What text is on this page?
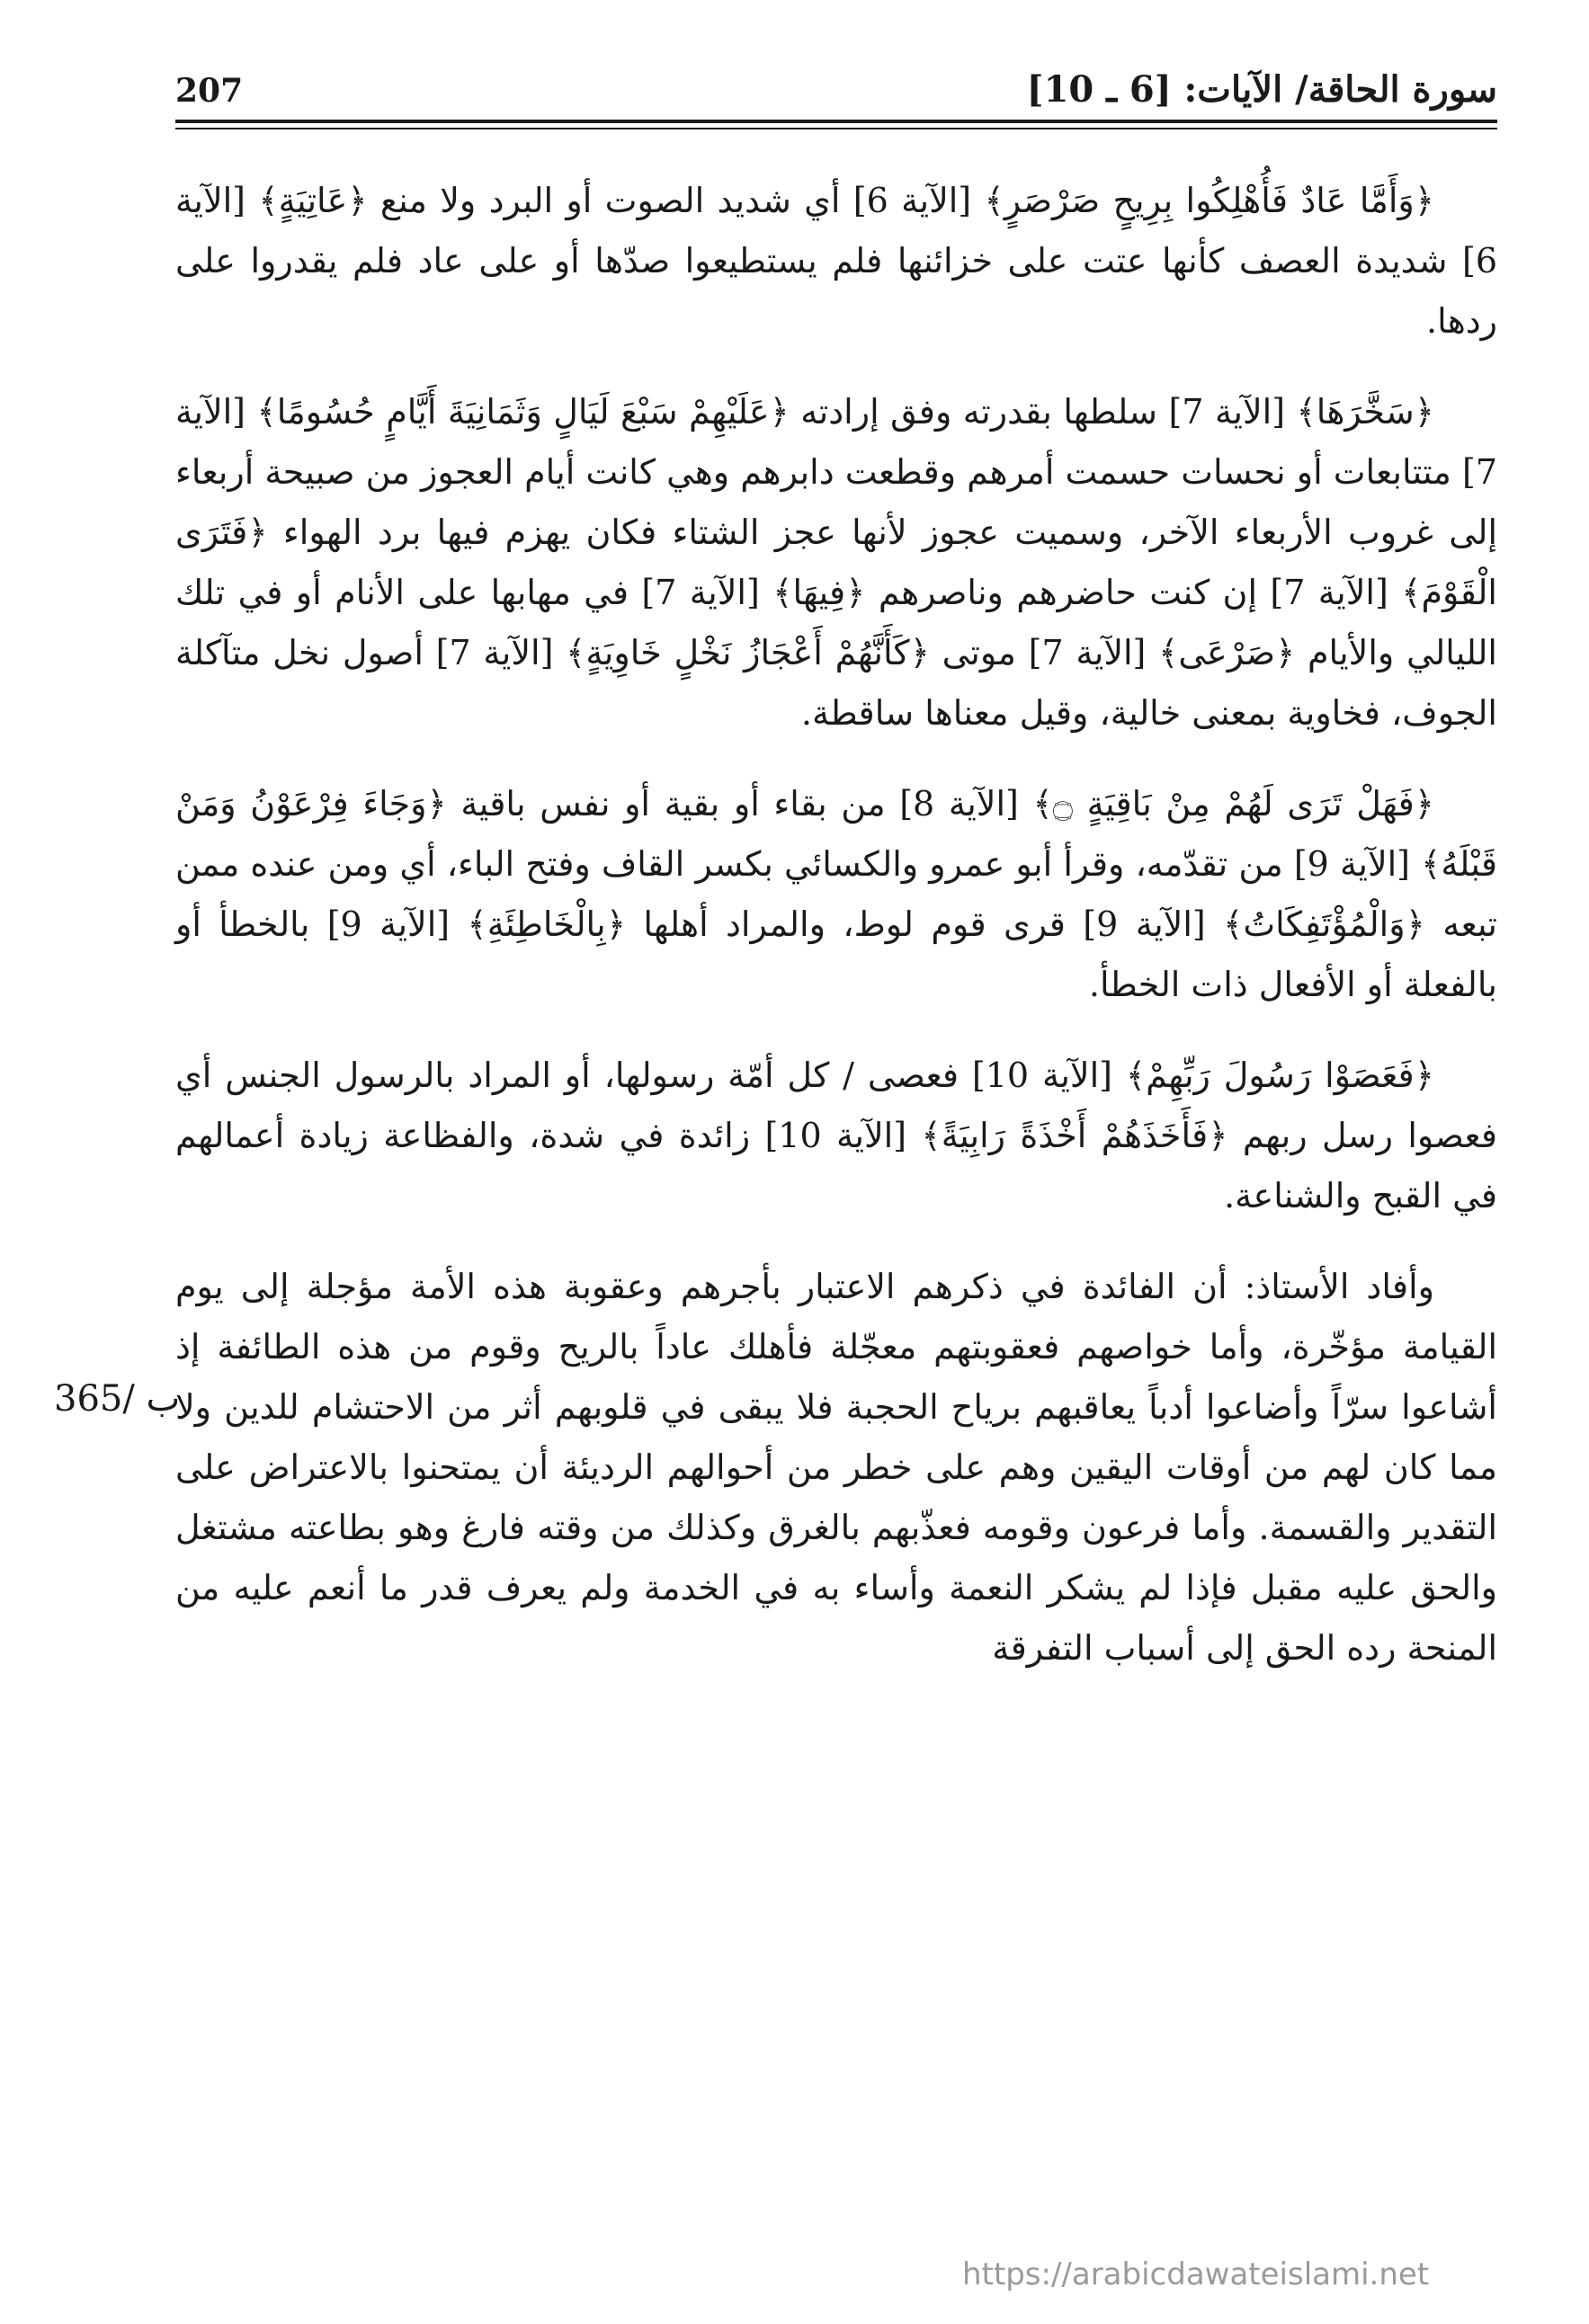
207	سورة الحاقة/ الآيات: [6 ـ 10]
365/ ب

﴿وَأَمَّا عَادٌ فَأُهْلِكُوا بِرِيحٍ صَرْصَرٍ﴾ [الآية 6] أي شديد الصوت أو البرد ولا منع ﴿عَاتِيَةٍ﴾ [الآية 6] شديدة العصف كأنها عتت على خزائنها فلم يستطيعوا صدّها أو على عاد فلم يقدروا على ردها.

﴿سَخَّرَهَا﴾ [الآية 7] سلطها بقدرته وفق إرادته ﴿عَلَيْهِمْ سَبْعَ لَيَالٍ وَثَمَانِيَةَ أَيَّامٍ حُسُومًا﴾ [الآية 7] متتابعات أو نحسات حسمت أمرهم وقطعت دابرهم وهي كانت أيام العجوز من صبيحة أربعاء إلى غروب الأربعاء الآخر، وسميت عجوز لأنها عجز الشتاء فكان يهزم فيها برد الهواء ﴿فَتَرَى الْقَوْمَ﴾ [الآية 7] إن كنت حاضرهم وناصرهم ﴿فِيهَا﴾ [الآية 7] في مهابها على الأنام أو في تلك الليالي والأيام ﴿صَرْعَى﴾ [الآية 7] موتى ﴿كَأَنَّهُمْ أَعْجَازُ نَخْلٍ خَاوِيَةٍ﴾ [الآية 7] أصول نخل متآكلة الجوف، فخاوية بمعنى خالية، وقيل معناها ساقطة.

﴿فَهَلْ تَرَى لَهُمْ مِنْ بَاقِيَةٍ ۝﴾ [الآية 8] من بقاء أو بقية أو نفس باقية ﴿وَجَاءَ فِرْعَوْنُ وَمَنْ قَبْلَهُ﴾ [الآية 9] من تقدّمه، وقرأ أبو عمرو والكسائي بكسر القاف وفتح الباء، أي ومن عنده ممن تبعه ﴿وَالْمُؤْتَفِكَاتُ﴾ [الآية 9] قرى قوم لوط، والمراد أهلها ﴿بِالْخَاطِئَةِ﴾ [الآية 9] بالخطأ أو بالفعلة أو الأفعال ذات الخطأ.

﴿فَعَصَوْا رَسُولَ رَبِّهِمْ﴾ [الآية 10] فعصى / كل أمّة رسولها، أو المراد بالرسول الجنس أي فعصوا رسل ربهم ﴿فَأَخَذَهُمْ أَخْذَةً رَابِيَةً﴾ [الآية 10] زائدة في شدة، والفظاعة زيادة أعمالهم في القبح والشناعة.

وأفاد الأستاذ: أن الفائدة في ذكرهم الاعتبار بأجرهم وعقوبة هذه الأمة مؤجلة إلى يوم القيامة مؤخّرة، وأما خواصهم فعقوبتهم معجّلة فأهلك عاداً بالريح وقوم من هذه الطائفة إذ أشاعوا سرّاً وأضاعوا أدباً يعاقبهم برياح الحجبة فلا يبقى في قلوبهم أثر من الاحتشام للدين ولا مما كان لهم من أوقات اليقين وهم على خطر من أحوالهم الرديئة أن يمتحنوا بالاعتراض على التقدير والقسمة. وأما فرعون وقومه فعذّبهم بالغرق وكذلك من وقته فارغ وهو بطاعته مشتغل والحق عليه مقبل فإذا لم يشكر النعمة وأساء به في الخدمة ولم يعرف قدر ما أنعم عليه من المنحة رده الحق إلى أسباب التفرقة

https://arabicdawateislami.net
